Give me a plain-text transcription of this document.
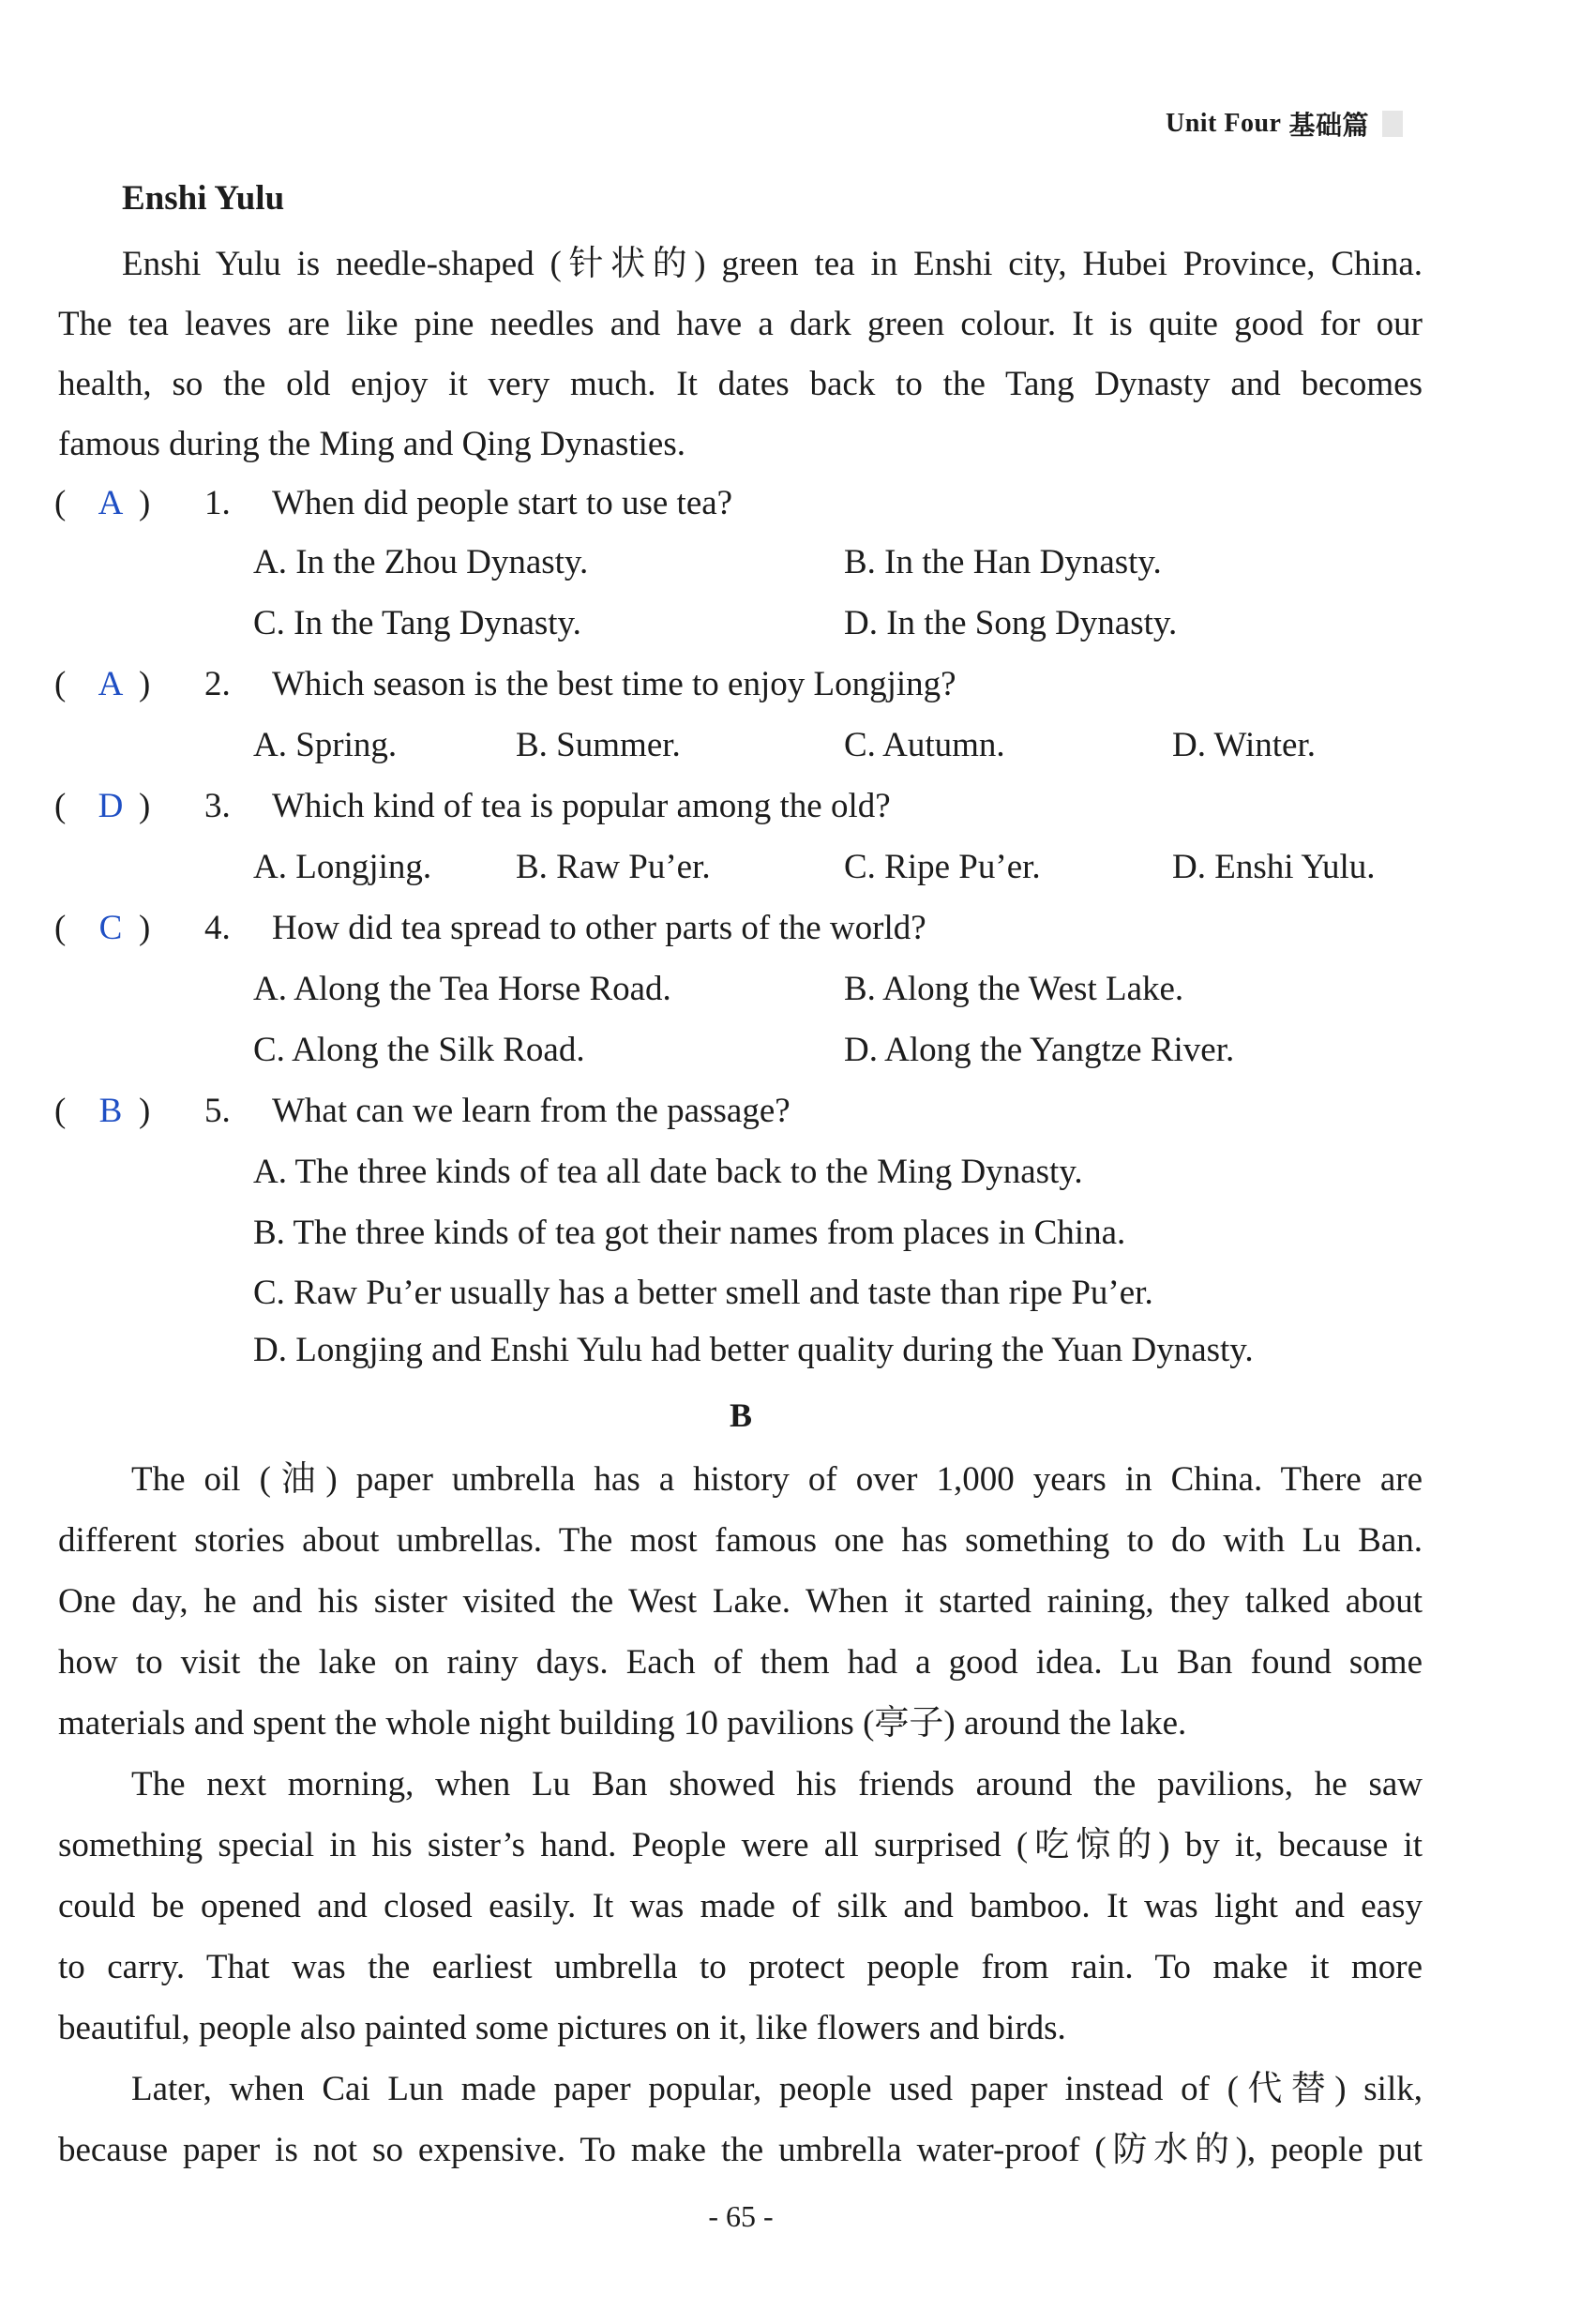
Unit Four 基础篇
Enshi Yulu
Enshi Yulu is needle-shaped (针状的) green tea in Enshi city, Hubei Province, China.
The tea leaves are like pine needles and have a dark green colour. It is quite good for our
health, so the old enjoy it very much. It dates back to the Tang Dynasty and becomes
famous during the Ming and Qing Dynasties.
( A )	1.	When did people start to use tea?
A. In the Zhou Dynasty.	B. In the Han Dynasty.
C. In the Tang Dynasty.	D. In the Song Dynasty.
( A )	2.	Which season is the best time to enjoy Longjing?
A. Spring.	B. Summer.	C. Autumn.	D. Winter.
( D )	3.	Which kind of tea is popular among the old?
A. Longjing. B. Raw Pu’er.	C. Ripe Pu’er.	D. Enshi Yulu.
( C )	4.	How did tea spread to other parts of the world?
A. Along the Tea Horse Road.	B. Along the West Lake.
C. Along the Silk Road.	D. Along the Yangtze River.
( B )	5.	What can we learn from the passage?
A. The three kinds of tea all date back to the Ming Dynasty.
B. The three kinds of tea got their names from places in China.
C. Raw Pu’er usually has a better smell and taste than ripe Pu’er.
D. Longjing and Enshi Yulu had better quality during the Yuan Dynasty.
B
The oil (油) paper umbrella has a history of over 1,000 years in China. There are
different stories about umbrellas. The most famous one has something to do with Lu Ban.
One day, he and his sister visited the West Lake. When it started raining, they talked about
how to visit the lake on rainy days. Each of them had a good idea. Lu Ban found some
materials and spent the whole night building 10 pavilions (亭子) around the lake.
The next morning, when Lu Ban showed his friends around the pavilions, he saw
something special in his sister’s hand. People were all surprised (吃惊的) by it, because it
could be opened and closed easily. It was made of silk and bamboo. It was light and easy
to carry. That was the earliest umbrella to protect people from rain. To make it more
beautiful, people also painted some pictures on it, like flowers and birds.
Later, when Cai Lun made paper popular, people used paper instead of (代替) silk,
because paper is not so expensive. To make the umbrella water-proof (防水的), people put
- 65 -
